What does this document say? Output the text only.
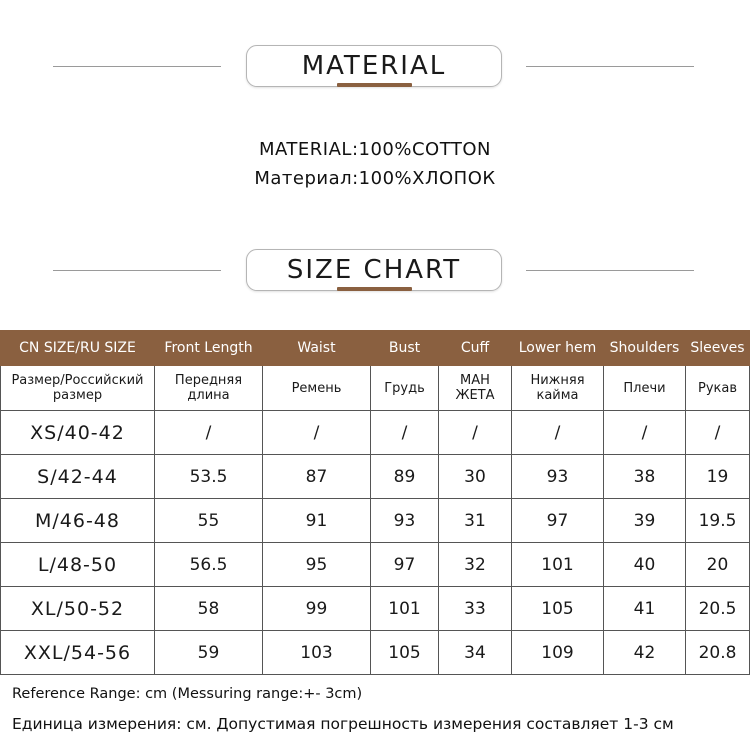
MATERIAL
MATERIAL:100%COTTON
Материал:100%ХЛОПОК
SIZE CHART
CN SIZE/RU SIZE	Front Length	Waist	Bust	Cuff	Lower hem	Shoulders	Sleeves
Размер/Российский размер	Передняя длина	Ремень	Грудь	МАН ЖЕТА	Нижняя кайма	Плечи	Рукав
XS/40-42	/	/	/	/	/	/	/
S/42-44	53.5	87	89	30	93	38	19
M/46-48	55	91	93	31	97	39	19.5
L/48-50	56.5	95	97	32	101	40	20
XL/50-52	58	99	101	33	105	41	20.5
XXL/54-56	59	103	105	34	109	42	20.8
Reference Range: cm (Messuring range:+- 3cm)
Единица измерения: см. Допустимая погрешность измерения составляет 1-3 см
